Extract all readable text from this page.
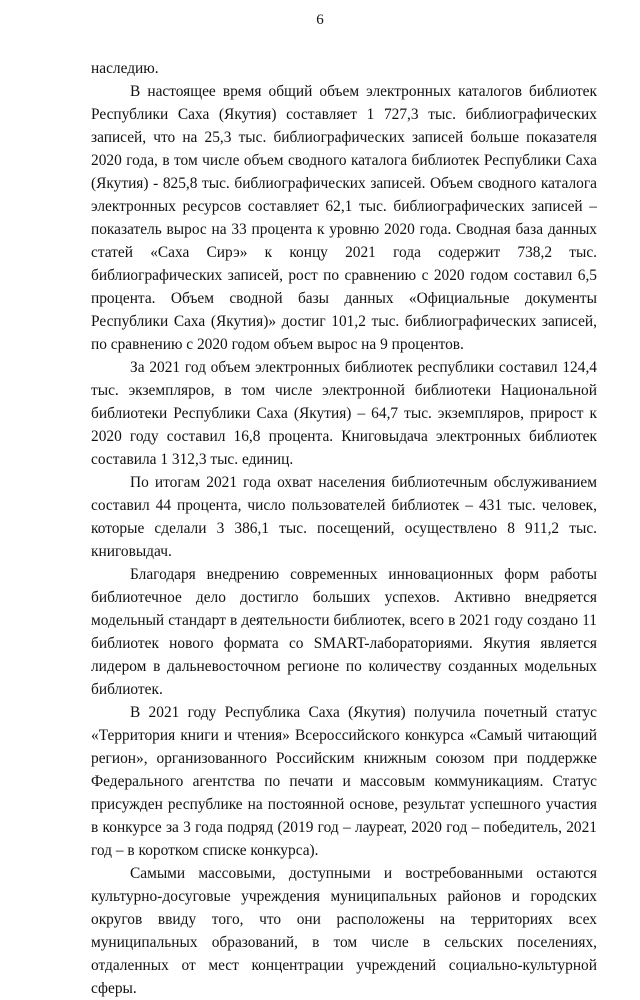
6

наследию.

В настоящее время общий объем электронных каталогов библиотек Республики Саха (Якутия) составляет 1 727,3 тыс. библиографических записей, что на 25,3 тыс. библиографических записей больше показателя 2020 года, в том числе объем сводного каталога библиотек Республики Саха (Якутия) - 825,8 тыс. библиографических записей. Объем сводного каталога электронных ресурсов составляет 62,1 тыс. библиографических записей – показатель вырос на 33 процента к уровню 2020 года. Сводная база данных статей «Саха Сирэ» к концу 2021 года содержит 738,2 тыс. библиографических записей, рост по сравнению с 2020 годом составил 6,5 процента. Объем сводной базы данных «Официальные документы Республики Саха (Якутия)» достиг 101,2 тыс. библиографических записей, по сравнению с 2020 годом объем вырос на 9 процентов.

За 2021 год объем электронных библиотек республики составил 124,4 тыс. экземпляров, в том числе электронной библиотеки Национальной библиотеки Республики Саха (Якутия) – 64,7 тыс. экземпляров, прирост к 2020 году составил 16,8 процента. Книговыдача электронных библиотек составила 1 312,3 тыс. единиц.

По итогам 2021 года охват населения библиотечным обслуживанием составил 44 процента, число пользователей библиотек – 431 тыс. человек, которые сделали 3 386,1 тыс. посещений, осуществлено 8 911,2 тыс. книговыдач.

Благодаря внедрению современных инновационных форм работы библиотечное дело достигло больших успехов. Активно внедряется модельный стандарт в деятельности библиотек, всего в 2021 году создано 11 библиотек нового формата со SMART-лабораториями. Якутия является лидером в дальневосточном регионе по количеству созданных модельных библиотек.

В 2021 году Республика Саха (Якутия) получила почетный статус «Территория книги и чтения» Всероссийского конкурса «Самый читающий регион», организованного Российским книжным союзом при поддержке Федерального агентства по печати и массовым коммуникациям. Статус присужден республике на постоянной основе, результат успешного участия в конкурсе за 3 года подряд (2019 год – лауреат, 2020 год – победитель, 2021 год – в коротком списке конкурса).

Самыми массовыми, доступными и востребованными остаются культурно-досуговые учреждения муниципальных районов и городских округов ввиду того, что они расположены на территориях всех муниципальных образований, в том числе в сельских поселениях, отдаленных от мест концентрации учреждений социально-культурной сферы.
